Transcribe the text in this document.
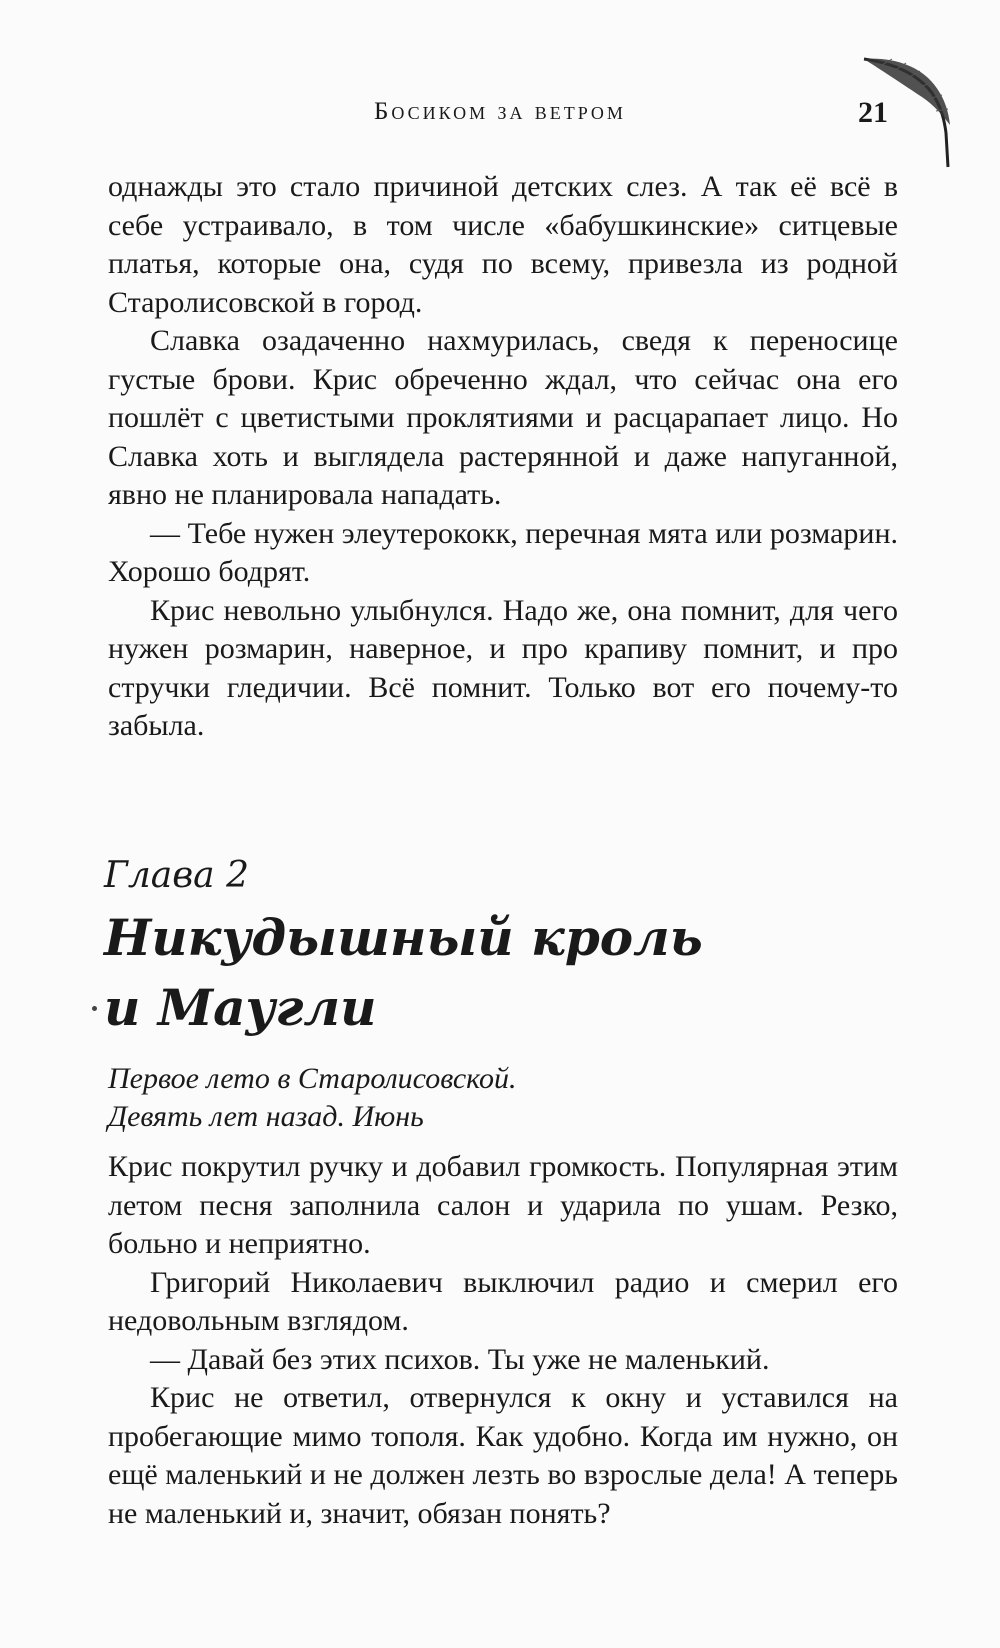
Босиком за ветром	21

однажды это стало причиной детских слез. А так её всё в себе устраивало, в том числе «бабушкинские» ситцевые платья, которые она, судя по всему, привезла из родной Старолисовской в город.

Славка озадаченно нахмурилась, сведя к переносице густые брови. Крис обреченно ждал, что сейчас она его пошлёт с цветистыми проклятиями и расцарапает лицо. Но Славка хоть и выглядела растерянной и даже напуганной, явно не планировала нападать.

— Тебе нужен элеутерококк, перечная мята или розмарин. Хорошо бодрят.

Крис невольно улыбнулся. Надо же, она помнит, для чего нужен розмарин, наверное, и про крапиву помнит, и про стручки гледичии. Всё помнит. Только вот его почему-то забыла.

Глава 2
Никудышный кроль
и Маугли
Первое лето в Старолисовской.
Девять лет назад. Июнь

Крис покрутил ручку и добавил громкость. Популярная этим летом песня заполнила салон и ударила по ушам. Резко, больно и неприятно.

Григорий Николаевич выключил радио и смерил его недовольным взглядом.

— Давай без этих психов. Ты уже не маленький.

Крис не ответил, отвернулся к окну и уставился на пробегающие мимо тополя. Как удобно. Когда им нужно, он ещё маленький и не должен лезть во взрослые дела! А теперь не маленький и, значит, обязан понять?
